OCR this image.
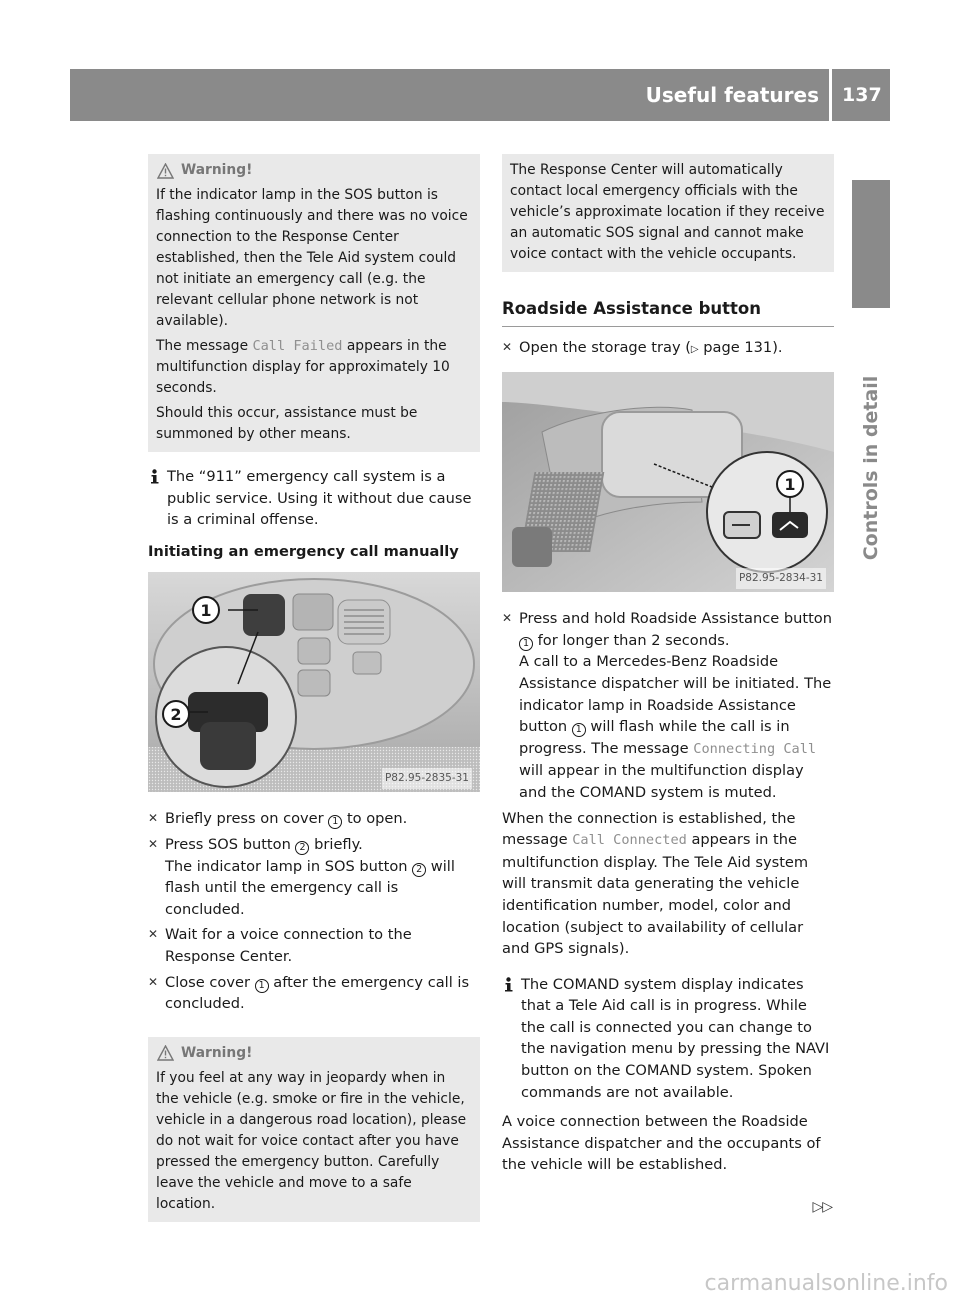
Useful features	137
Controls in detail
Warning!
If the indicator lamp in the SOS button is flashing continuously and there was no voice connection to the Response Center established, then the Tele Aid system could not initiate an emergency call (e.g. the relevant cellular phone network is not available).
The message Call Failed appears in the multifunction display for approximately 10 seconds.
Should this occur, assistance must be summoned by other means.
The “911” emergency call system is a public service. Using it without due cause is a criminal offense.
Initiating an emergency call manually
1
2
P82.95-2835-31
✕ Briefly press on cover 1 to open.
✕ Press SOS button 2 briefly.
The indicator lamp in SOS button 2 will flash until the emergency call is concluded.
✕ Wait for a voice connection to the Response Center.
✕ Close cover 1 after the emergency call is concluded.
Warning!
If you feel at any way in jeopardy when in the vehicle (e.g. smoke or fire in the vehicle, vehicle in a dangerous road location), please do not wait for voice contact after you have pressed the emergency button. Carefully leave the vehicle and move to a safe location.
The Response Center will automatically contact local emergency officials with the vehicle’s approximate location if they receive an automatic SOS signal and cannot make voice contact with the vehicle occupants.
Roadside Assistance button
✕ Open the storage tray (▷ page 131).
1
P82.95-2834-31
✕ Press and hold Roadside Assistance button 1 for longer than 2 seconds.
A call to a Mercedes-Benz Roadside Assistance dispatcher will be initiated. The indicator lamp in Roadside Assistance button 1 will flash while the call is in progress. The message Connecting Call will appear in the multifunction display and the COMAND system is muted.
When the connection is established, the message Call Connected appears in the multifunction display. The Tele Aid system will transmit data generating the vehicle identification number, model, color and location (subject to availability of cellular and GPS signals).
The COMAND system display indicates that a Tele Aid call is in progress. While the call is connected you can change to the navigation menu by pressing the NAVI button on the COMAND system. Spoken commands are not available.
A voice connection between the Roadside Assistance dispatcher and the occupants of the vehicle will be established.
▷▷
carmanualsonline.info
